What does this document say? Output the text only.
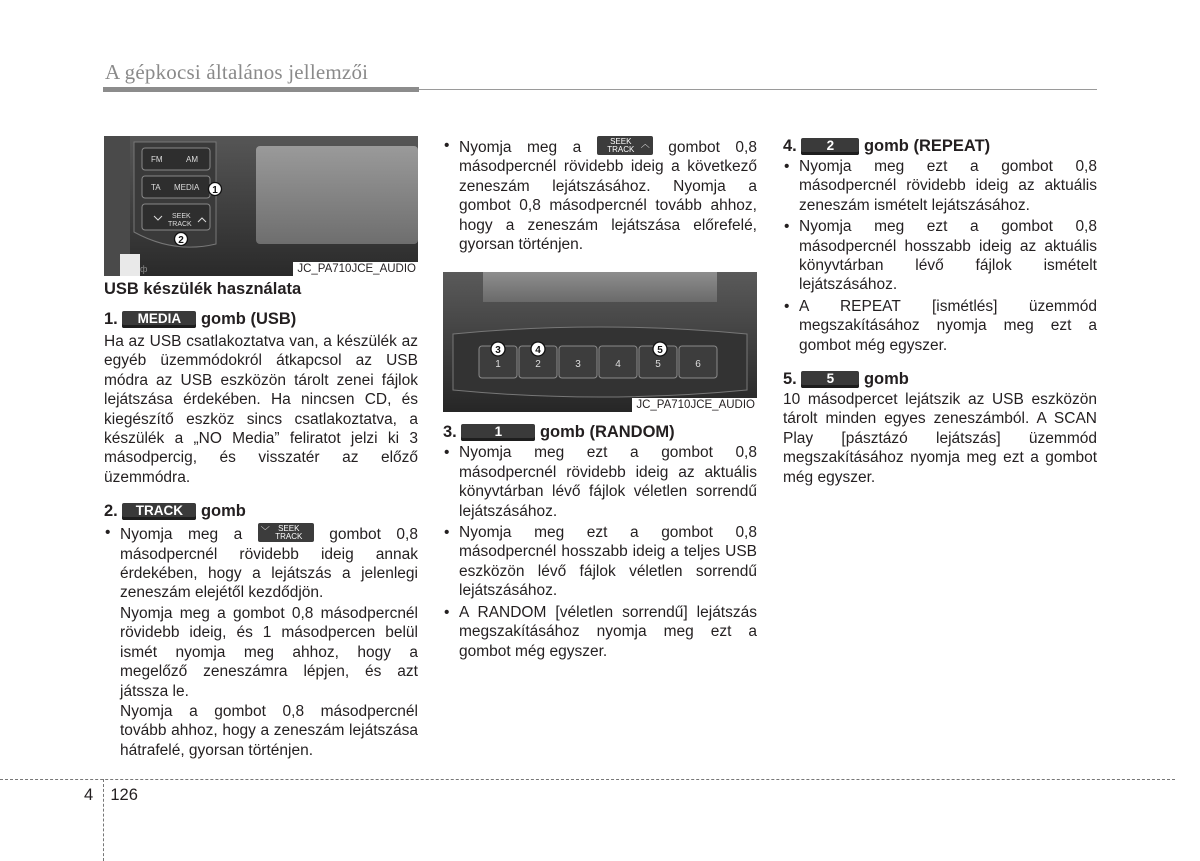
A gépkocsi általános jellemzői
FM	AM
TA MEDIA
SEEK
TRACK
1
2
ф	JC_PA710JCE_AUDIO

USB készülék használata

1. MEDIA gomb (USB)

Ha az USB csatlakoztatva van, a készülék az egyéb üzemmódokról átkapcsol az USB módra az USB eszközön tárolt zenei fájlok lejátszása érdekében. Ha nincsen CD, és kiegészítő eszköz sincs csatlakoztatva, a készülék a „NO Media” feliratot jelzi ki 3 másodpercig, és visszatér az előző üzemmódra.

2. TRACK gomb

• Nyomja meg a ﹀	SEEK
TRACK	gombot 0,8 másodpercnél rövidebb ideig annak érdekében, hogy a lejátszás a jelenlegi zeneszám elejétől kezdődjön.

Nyomja meg a gombot 0,8 másodpercnél rövidebb ideig, és 1 másodpercen belül ismét nyomja meg ahhoz, hogy a megelőző zeneszámra lépjen, és azt játssza le.

Nyomja a gombot 0,8 másodpercnél tovább ahhoz, hogy a zeneszám lejátszása hátrafelé, gyorsan történjen.

• Nyomja meg a	SEEK
TRACK
︿ gombot 0,8 másodpercnél rövidebb ideig a következő zeneszám lejátszásához. Nyomja a gombot 0,8 másodpercnél tovább ahhoz, hogy a zeneszám lejátszása előrefelé, gyorsan történjen.

1	2	3	4	5	6
3	4	5
JC_PA710JCE_AUDIO

3.	1 gomb (RANDOM)

• Nyomja meg ezt a gombot 0,8 másodpercnél rövidebb ideig az aktuális könyvtárban lévő fájlok véletlen sorrendű lejátszásához.

• Nyomja meg ezt a gombot 0,8 másodpercnél hosszabb ideig a teljes USB eszközön lévő fájlok véletlen sorrendű lejátszásához.

• A RANDOM [véletlen sorrendű] lejátszás megszakításához nyomja meg ezt a gombot még egyszer.

4. 2 gomb (REPEAT)

• Nyomja meg ezt a gombot 0,8 másodpercnél rövidebb ideig az aktuális zeneszám ismételt lejátszásához.

• Nyomja meg ezt a gombot 0,8 másodpercnél hosszabb ideig az aktuális könyvtárban lévő fájlok ismételt lejátszásához.

• A REPEAT [ismétlés] üzemmód megszakításához nyomja meg ezt a gombot még egyszer.

5. 5 gomb

10 másodpercet lejátszik az USB eszközön tárolt minden egyes zeneszámból. A SCAN Play [pásztázó lejátszás] üzemmód megszakításához nyomja meg ezt a gombot még egyszer.

4 126
